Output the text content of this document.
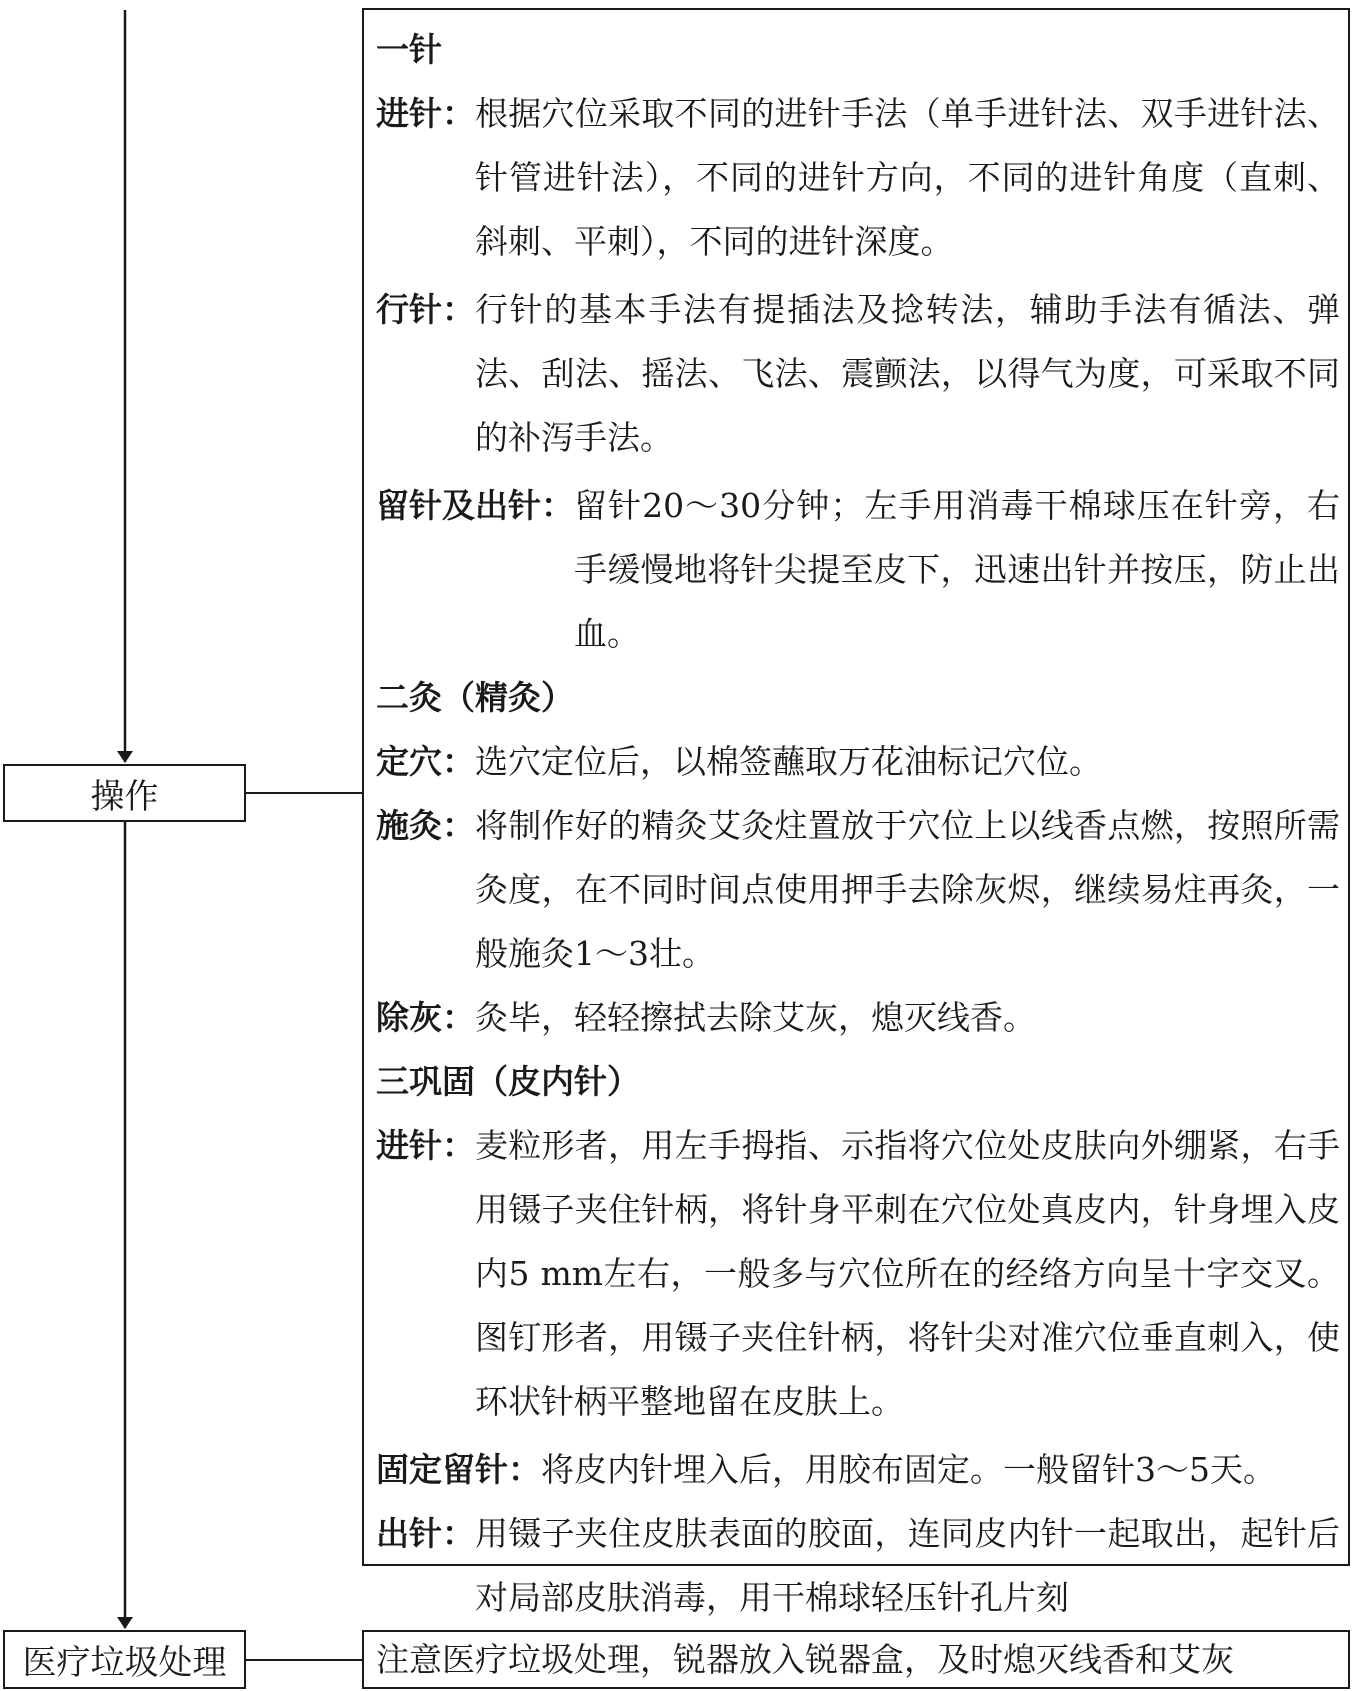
操作
医疗垃圾处理
一针
进针： 根据穴位采取不同的进针手法（单手进针法、双手进针法、针管进针法），不同的进针方向，不同的进针角度（直刺、斜刺、平刺），不同的进针深度。
行针： 行针的基本手法有提插法及捻转法，辅助手法有循法、弹法、刮法、摇法、飞法、震颤法，以得气为度，可采取不同的补泻手法。
留针及出针： 留针20～30分钟；左手用消毒干棉球压在针旁，右手缓慢地将针尖提至皮下，迅速出针并按压，防止出血。
二灸（精灸）
定穴： 选穴定位后，以棉签蘸取万花油标记穴位。
施灸： 将制作好的精灸艾灸炷置放于穴位上以线香点燃，按照所需灸度，在不同时间点使用押手去除灰烬，继续易炷再灸，一般施灸1～3壮。
除灰： 灸毕，轻轻擦拭去除艾灰，熄灭线香。
三巩固（皮内针）
进针： 麦粒形者，用左手拇指、示指将穴位处皮肤向外绷紧，右手用镊子夹住针柄，将针身平刺在穴位处真皮内，针身埋入皮内5 mm左右，一般多与穴位所在的经络方向呈十字交叉。图钉形者，用镊子夹住针柄，将针尖对准穴位垂直刺入，使环状针柄平整地留在皮肤上。
固定留针： 将皮内针埋入后，用胶布固定。一般留针3～5天。
出针： 用镊子夹住皮肤表面的胶面，连同皮内针一起取出，起针后对局部皮肤消毒，用干棉球轻压针孔片刻
注意医疗垃圾处理，锐器放入锐器盒，及时熄灭线香和艾灰
